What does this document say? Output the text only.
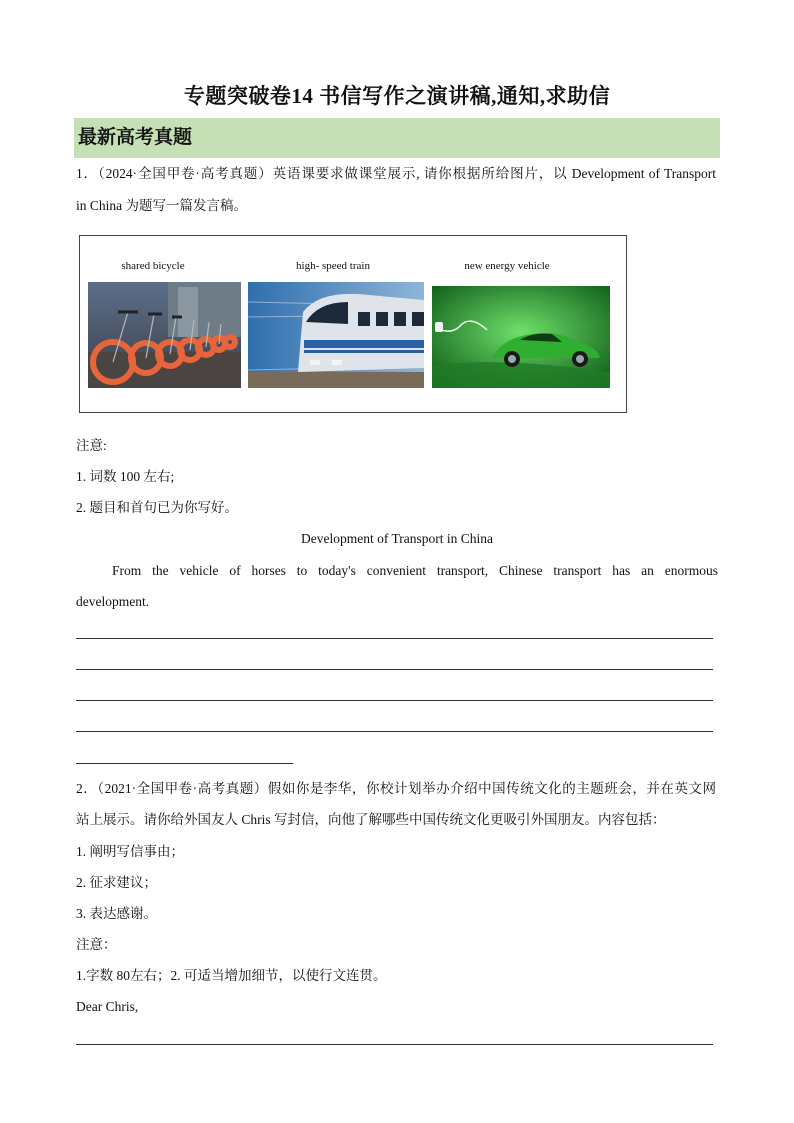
专题突破卷14 书信写作之演讲稿,通知,求助信
最新高考真题
1．（2024·全国甲卷·高考真题）英语课要求做课堂展示, 请你根据所给图片，以 Development of Transport
in China 为题写一篇发言稿。
shared bicycle	high- speed train	new energy vehicle
注意:
1. 词数 100 左右;
2. 题目和首句已为你写好。
Development of Transport in China
From the vehicle of horses to today's convenient transport, Chinese transport has an enormous
development.
2．（2021·全国甲卷·高考真题）假如你是李华，你校计划举办介绍中国传统文化的主题班会，并在英文网
站上展示。请你给外国友人 Chris 写封信，向他了解哪些中国传统文化更吸引外国朋友。内容包括：
1. 阐明写信事由；
2. 征求建议；
3. 表达感谢。
注意：
1.字数 80左右；2. 可适当增加细节，以使行文连贯。
Dear Chris,
